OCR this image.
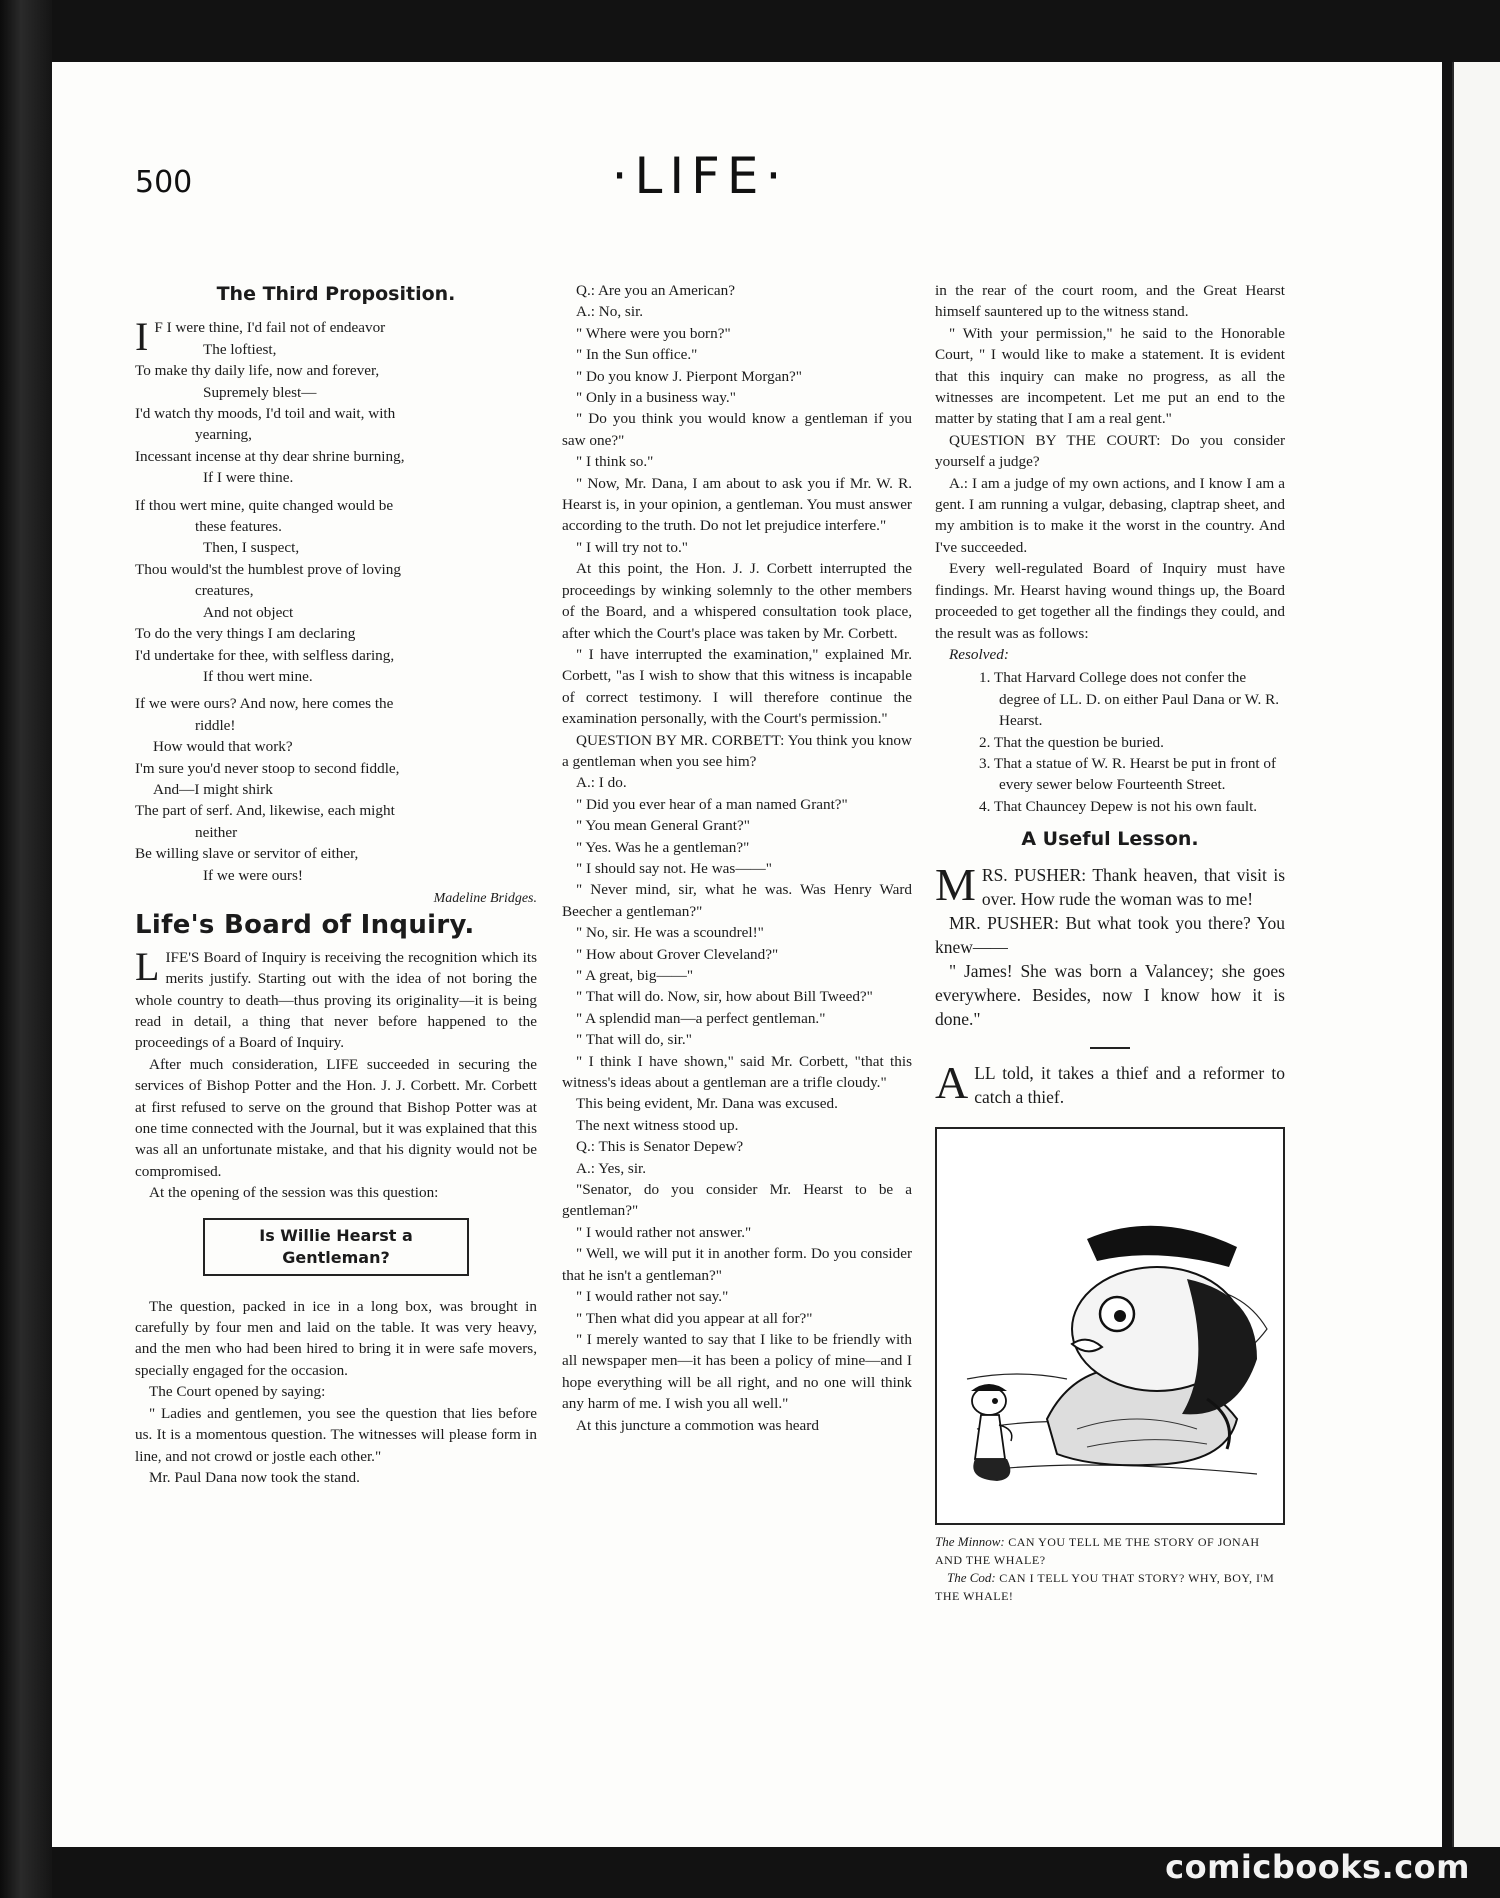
500	·LIFE·
The Third Proposition.
I F I were thine, I'd fail not of endeavor
The loftiest,
To make thy daily life, now and forever,
Supremely blest—
I'd watch thy moods, I'd toil and wait, with
yearning,
Incessant incense at thy dear shrine burning,
If I were thine.
If thou wert mine, quite changed would be
these features.
Then, I suspect,
Thou would'st the humblest prove of loving
creatures,
And not object
To do the very things I am declaring
I'd undertake for thee, with selfless daring,
If thou wert mine.
If we were ours? And now, here comes the
riddle!
How would that work?
I'm sure you'd never stoop to second fiddle,
And—I might shirk
The part of serf. And, likewise, each might
neither
Be willing slave or servitor of either,
If we were ours!
Madeline Bridges.
Life's Board of Inquiry.

LIFE'S Board of Inquiry is receiving the recognition which its merits justify. Starting out with the idea of not boring the whole country to death—thus proving its originality—it is being read in detail, a thing that never before happened to the proceedings of a Board of Inquiry.

After much consideration, LIFE succeeded in securing the services of Bishop Potter and the Hon. J. J. Corbett. Mr. Corbett at first refused to serve on the ground that Bishop Potter was at one time connected with the Journal, but it was explained that this was all an unfortunate mistake, and that his dignity would not be compromised.

At the opening of the session was this question:

Is Willie Hearst a Gentleman?

The question, packed in ice in a long box, was brought in carefully by four men and laid on the table. It was very heavy, and the men who had been hired to bring it in were safe movers, specially engaged for the occasion.

The Court opened by saying:

" Ladies and gentlemen, you see the question that lies before us. It is a momentous question. The witnesses will please form in line, and not crowd or jostle each other."

Mr. Paul Dana now took the stand.

Q.: Are you an American?

A.: No, sir.

" Where were you born?"

" In the Sun office."

" Do you know J. Pierpont Morgan?"

" Only in a business way."

" Do you think you would know a gentleman if you saw one?"

" I think so."

" Now, Mr. Dana, I am about to ask you if Mr. W. R. Hearst is, in your opinion, a gentleman. You must answer according to the truth. Do not let prejudice interfere."

" I will try not to."

At this point, the Hon. J. J. Corbett interrupted the proceedings by winking solemnly to the other members of the Board, and a whispered consultation took place, after which the Court's place was taken by Mr. Corbett.

" I have interrupted the examination," explained Mr. Corbett, "as I wish to show that this witness is incapable of correct testimony. I will therefore continue the examination personally, with the Court's permission."

QUESTION BY MR. CORBETT: You think you know a gentleman when you see him?

A.: I do.

" Did you ever hear of a man named Grant?"

" You mean General Grant?"

" Yes. Was he a gentleman?"

" I should say not. He was——"

" Never mind, sir, what he was. Was Henry Ward Beecher a gentleman?"

" No, sir. He was a scoundrel!"

" How about Grover Cleveland?"

" A great, big——"

" That will do. Now, sir, how about Bill Tweed?"

" A splendid man—a perfect gentleman."

" That will do, sir."

" I think I have shown," said Mr. Corbett, "that this witness's ideas about a gentleman are a trifle cloudy."

This being evident, Mr. Dana was excused.

The next witness stood up.

Q.: This is Senator Depew?

A.: Yes, sir.

"Senator, do you consider Mr. Hearst to be a gentleman?"

" I would rather not answer."

" Well, we will put it in another form. Do you consider that he isn't a gentleman?"

" I would rather not say."

" Then what did you appear at all for?"

" I merely wanted to say that I like to be friendly with all newspaper men—it has been a policy of mine—and I hope everything will be all right, and no one will think any harm of me. I wish you all well."

At this juncture a commotion was heard

in the rear of the court room, and the Great Hearst himself sauntered up to the witness stand.

" With your permission," he said to the Honorable Court, " I would like to make a statement. It is evident that this inquiry can make no progress, as all the witnesses are incompetent. Let me put an end to the matter by stating that I am a real gent."

QUESTION BY THE COURT: Do you consider yourself a judge?

A.: I am a judge of my own actions, and I know I am a gent. I am running a vulgar, debasing, claptrap sheet, and my ambition is to make it the worst in the country. And I've succeeded.

Every well-regulated Board of Inquiry must have findings. Mr. Hearst having wound things up, the Board proceeded to get together all the findings they could, and the result was as follows:

Resolved:

1. That Harvard College does not confer the degree of LL. D. on either Paul Dana or W. R. Hearst.
2. That the question be buried.
3. That a statue of W. R. Hearst be put in front of every sewer below Fourteenth Street.
4. That Chauncey Depew is not his own fault.
A Useful Lesson.

MRS. PUSHER: Thank heaven, that visit is over. How rude the woman was to me!

MR. PUSHER: But what took you there? You knew——

" James! She was born a Valancey; she goes everywhere. Besides, now I know how it is done."

ALL told, it takes a thief and a reformer to catch a thief.

The Minnow: CAN YOU TELL ME THE STORY OF JONAH AND THE WHALE?
The Cod: CAN I TELL YOU THAT STORY? WHY, BOY, I'M THE WHALE!
comicbooks.com
